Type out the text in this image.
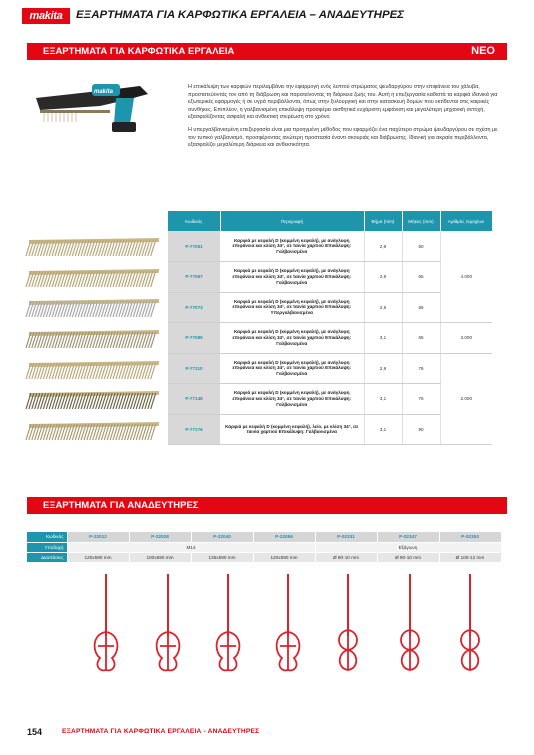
makita	ΕΞΑΡΤΗΜΑΤΑ ΓΙΑ ΚΑΡΦΩΤΙΚΑ ΕΡΓΑΛΕΙΑ – ΑΝΑΔΕΥΤΗΡΕΣ
ΕΞΑΡΤΗΜΑΤΑ ΓΙΑ ΚΑΡΦΩΤΙΚΑ ΕΡΓΑΛΕΙΑ	ΝΕΟ
makita

Η επικάλυψη των καρφιών περιλαμβάνει την εφαρμογή ενός λεπτού στρώματος ψευδαργύρου στην επιφάνεια του χάλυβα, προστατεύοντάς τον από τη διάβρωση και παρατείνοντας τη διάρκεια ζωής του. Αυτή η επεξεργασία καθιστά τα καρφιά ιδανικά για εξωτερικές εφαρμογές ή σε υγρά περιβάλλοντα, όπως στην ξυλουργική και στην κατασκευή δομών που εκτίθενται στις καιρικές συνθήκες. Επιπλέον, η γαλβανισμένη επικάλυψη προσφέρει αισθητικά ευχάριστη εμφάνιση και μεγαλύτερη μηχανική αντοχή, εξασφαλίζοντας ασφαλή και ανθεκτική στερέωση στο χρόνο.

Η υπεργαλβανισμένη επεξεργασία είναι μια προηγμένη μέθοδος που εφαρμόζει ένα παχύτερο στρώμα ψευδαργύρου σε σχέση με τον τυπικό γαλβανισμό, προσφέροντας ανώτερη προστασία έναντι σκουριάς και διάβρωσης. Ιδανική για ακραία περιβάλλοντα, εξασφαλίζει μεγαλύτερη διάρκεια και ανθεκτικότητα.

Κωδικός	Περιγραφή	Βήμα (mm)	Μήκος (mm)	Αριθμός τεμαχίων
P-77051	Καρφιά με κεφαλή D (κομμένη κεφαλή), με ανάγλυφη επιφάνεια και κλίση 34°, σε ταινία χαρτιού Επικάλυψη: Γαλβανισμένα	2,9	50	4.000
P-77067	Καρφιά με κεφαλή D (κομμένη κεφαλή), με ανάγλυφη επιφάνεια και κλίση 34°, σε ταινία χαρτιού Επικάλυψη: Γαλβανισμένα	2,9	65	
P-77073	Καρφιά με κεφαλή D (κομμένη κεφαλή), με ανάγλυφη επιφάνεια και κλίση 34°, σε ταινία χαρτιού Επικάλυψη: Υπεργαλβανισμένα	2,9	65	
P-77089	Καρφιά με κεφαλή D (κομμένη κεφαλή), με ανάγλυφη επιφάνεια και κλίση 34°, σε ταινία χαρτιού Επικάλυψη: Γαλβανισμένα	3,1	65	3.000
P-77110	Καρφιά με κεφαλή D (κομμένη κεφαλή), με ανάγλυφη επιφάνεια και κλίση 34°, σε ταινία χαρτιού Επικάλυψη: Γαλβανισμένα	2,9	76	2.000
P-77148	Καρφιά με κεφαλή D (κομμένη κεφαλή), με ανάγλυφη επιφάνεια και κλίση 34°, σε ταινία χαρτιού Επικάλυψη: Γαλβανισμένα	3,1	76	
P-77176	Καρφιά με κεφαλή D (κομμένη κεφαλή), λείο, με κλίση 34°, σε ταινία χαρτιού Επικάλυψη: Γαλβανισμένα	3,1	90	
ΕΞΑΡΤΗΜΑΤΑ ΓΙΑ ΑΝΑΔΕΥΤΗΡΕΣ
Κωδικός	P-22012	P-22028	P-22040	P-22056	P-02331	P-02347	P-02353
Υποδοχή	M14				Εξάγωνη		
Διαστάσεις	120x590 mm	100x590 mm	135x590 mm	120x590 mm	Ø 80-10 mm	Ø 90-10 mm	Ø 100-12 mm
154	ΕΞΑΡΤΗΜΑΤΑ ΓΙΑ ΚΑΡΦΩΤΙΚΑ ΕΡΓΑΛΕΙΑ - ΑΝΑΔΕΥΤΗΡΕΣ
